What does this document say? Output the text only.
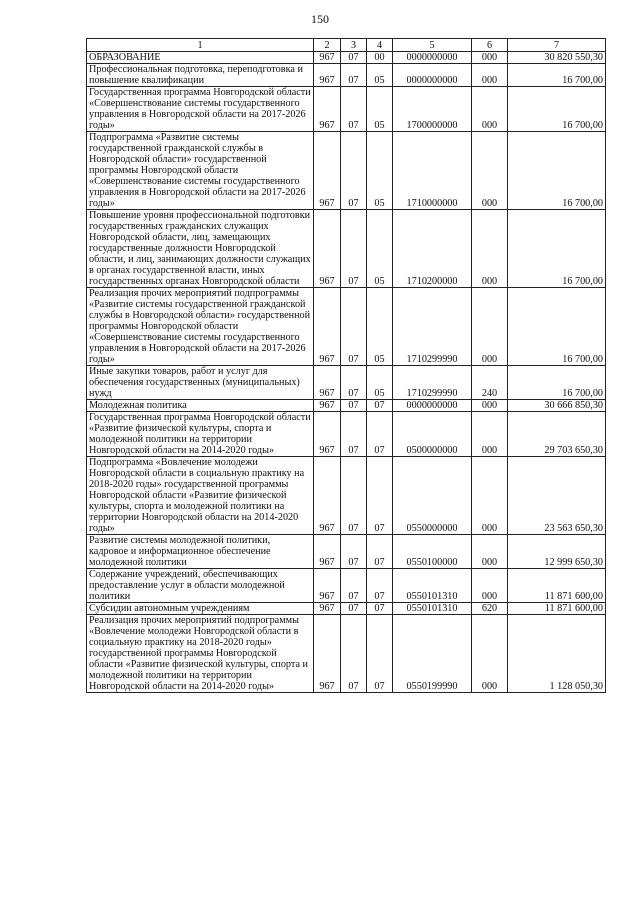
150
1	2	3	4	5	6	7
ОБРАЗОВАНИЕ	967	07	00	0000000000	000	30 820 550,30
Профессиональная подготовка, переподготовка и повышение квалификации	967	07	05	0000000000	000	16 700,00
Государственная программа Новгородской области «Совершенствование системы государственного управления в Новгородской области на 2017-2026 годы»	967	07	05	1700000000	000	16 700,00
Подпрограмма «Развитие системы государственной гражданской службы в Новгородской области» государственной программы Новгородской области «Совершенствование системы государственного управления в Новгородской области на 2017-2026 годы»	967	07	05	1710000000	000	16 700,00
Повышение уровня профессиональной подготовки государственных гражданских служащих Новгородской области, лиц, замещающих государственные должности Новгородской области, и лиц, занимающих должности служащих в органах государственной власти, иных государственных органах Новгородской области	967	07	05	1710200000	000	16 700,00
Реализация прочих мероприятий подпрограммы «Развитие системы государственной гражданской службы в Новгородской области» государственной программы Новгородской области «Совершенствование системы государственного управления в Новгородской области на 2017-2026 годы»	967	07	05	1710299990	000	16 700,00
Иные закупки товаров, работ и услуг для обеспечения государственных (муниципальных) нужд	967	07	05	1710299990	240	16 700,00
Молодежная политика	967	07	07	0000000000	000	30 666 850,30
Государственная программа Новгородской области «Развитие физической культуры, спорта и молодежной политики на территории Новгородской области на 2014-2020 годы»	967	07	07	0500000000	000	29 703 650,30
Подпрограмма «Вовлечение молодежи Новгородской области в социальную практику на 2018-2020 годы» государственной программы Новгородской области «Развитие физической культуры, спорта и молодежной политики на территории Новгородской области на 2014-2020 годы»	967	07	07	0550000000	000	23 563 650,30
Развитие системы молодежной политики, кадровое и информационное обеспечение молодежной политики	967	07	07	0550100000	000	12 999 650,30
Содержание учреждений, обеспечивающих предоставление услуг в области молодежной политики	967	07	07	0550101310	000	11 871 600,00
Субсидии автономным учреждениям	967	07	07	0550101310	620	11 871 600,00
Реализация прочих мероприятий подпрограммы «Вовлечение молодежи Новгородской области в социальную практику на 2018-2020 годы» государственной программы Новгородской области «Развитие физической культуры, спорта и молодежной политики на территории Новгородской области на 2014-2020 годы»	967	07	07	0550199990	000	1 128 050,30
